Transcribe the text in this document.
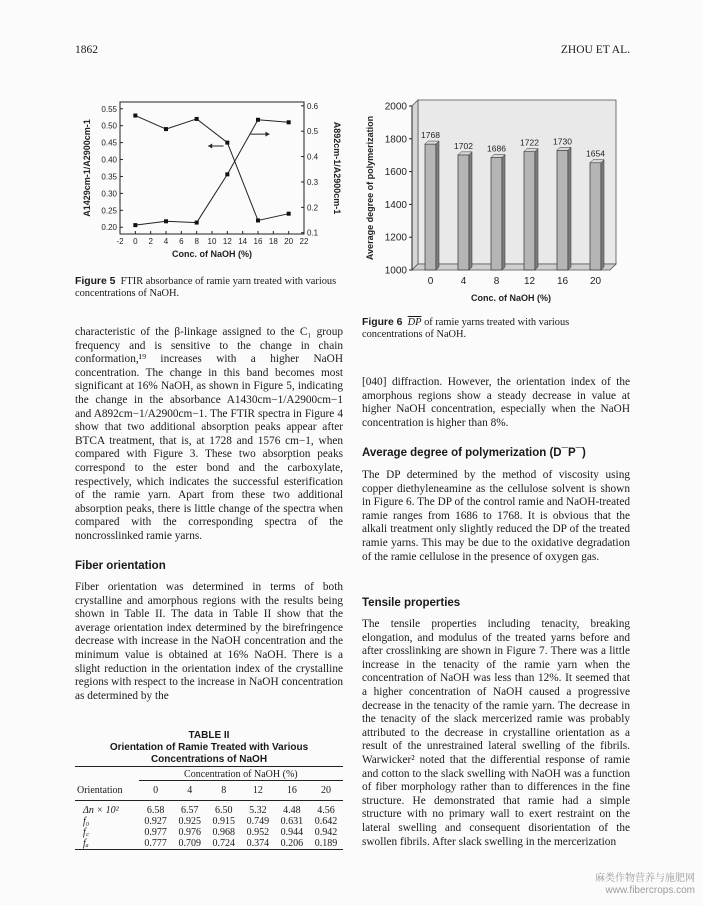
1862	ZHOU ET AL.
-2 0 2 4 6 8 10 12 14 16 18 20 22
0.20
0.25
0.30
0.35
0.40
0.45
0.50
0.55
0.1
0.2
0.3
0.4
0.5
0.6
Conc. of NaOH (%)
A1429cm-1/A2900cm-1	A892cm-1/A2900cm-1
Figure 5 FTIR absorbance of ramie yarn treated with various concentrations of NaOH.
1000
1200
1400
1600
1800
2000
1768
0
1702
4
1686
8
1722
12
1730
16
1654
20
Conc. of NaOH (%)
Average degree of polymerization
Figure 6 $\overline{DP}$ of ramie yarns treated with various concentrations of NaOH.

characteristic of the β-linkage assigned to the C₁ group frequency and is sensitive to the change in chain conformation,¹⁹ increases with a higher NaOH concentration. The change in this band becomes most significant at 16% NaOH, as shown in Figure 5, indicating the change in the absorbance A1430cm−1/A2900cm−1 and A892cm−1/A2900cm−1. The FTIR spectra in Figure 4 show that two additional absorption peaks appear after BTCA treatment, that is, at 1728 and 1576 cm−1, when compared with Figure 3. These two absorption peaks correspond to the ester bond and the carboxylate, respectively, which indicates the successful esterification of the ramie yarn. Apart from these two additional absorption peaks, there is little change of the spectra when compared with the corresponding spectra of the noncrosslinked ramie yarns.

Fiber orientation

Fiber orientation was determined in terms of both crystalline and amorphous regions with the results being shown in Table II. The data in Table II show that the average orientation index determined by the birefringence decrease with increase in the NaOH concentration and the minimum value is obtained at 16% NaOH. There is a slight reduction in the orientation index of the crystalline regions with respect to the increase in NaOH concentration as determined by the

TABLE II
Orientation of Ramie Treated with Various
Concentrations of NaOH
	Concentration of NaOH (%)					
Orientation	0	4	8	12	16	20
Δn × 10²	6.58	6.57	6.50	5.32	4.48	4.56
f₀	0.927	0.925	0.915	0.749	0.631	0.642
f꜀	0.977	0.976	0.968	0.952	0.944	0.942
fₐ	0.777	0.709	0.724	0.374	0.206	0.189

[040] diffraction. However, the orientation index of the amorphous regions show a steady decrease in value at higher NaOH concentration, especially when the NaOH concentration is higher than 8%.

Average degree of polymerization (D¯P¯)

The DP determined by the method of viscosity using copper diethyleneamine as the cellulose solvent is shown in Figure 6. The DP of the control ramie and NaOH-treated ramie ranges from 1686 to 1768. It is obvious that the alkali treatment only slightly reduced the DP of the treated ramie yarns. This may be due to the oxidative degradation of the ramie cellulose in the presence of oxygen gas.

Tensile properties

The tensile properties including tenacity, breaking elongation, and modulus of the treated yarns before and after crosslinking are shown in Figure 7. There was a little increase in the tenacity of the ramie yarn when the concentration of NaOH was less than 12%. It seemed that a higher concentration of NaOH caused a progressive decrease in the tenacity of the ramie yarn. The decrease in the tenacity of the slack mercerized ramie was probably attributed to the decrease in crystalline orientation as a result of the unrestrained lateral swelling of the fibrils. Warwicker² noted that the differential response of ramie and cotton to the slack swelling with NaOH was a function of fiber morphology rather than to differences in the fine structure. He demonstrated that ramie had a simple structure with no primary wall to exert restraint on the lateral swelling and consequent disorientation of the swollen fibrils. After slack swelling in the mercerization

麻类作物营养与施肥网
www.fibercrops.com
